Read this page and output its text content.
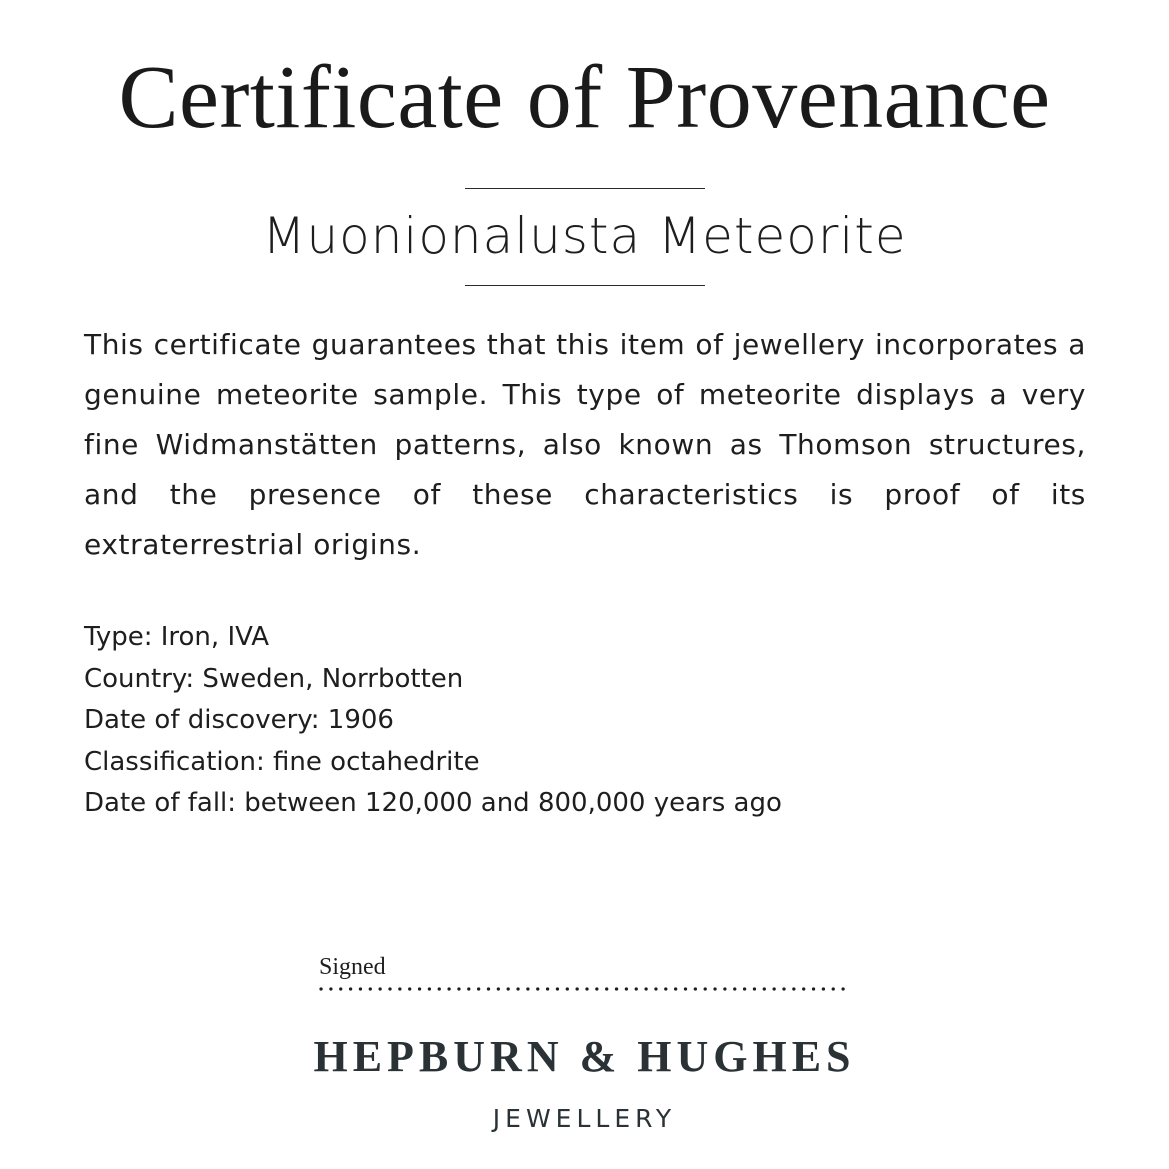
Certificate of Provenance
Muonionalusta Meteorite

This certificate guarantees that this item of jewellery incorporates a genuine meteorite sample. This type of meteorite displays a very fine Widmanstätten patterns, also known as Thomson structures, and the presence of these characteristics is proof of its extraterrestrial origins.

Type: Iron, IVA
Country: Sweden, Norrbotten
Date of discovery: 1906
Classification: fine octahedrite
Date of fall: between 120,000 and 800,000 years ago
Signed
HEPBURN & HUGHES
JEWELLERY
